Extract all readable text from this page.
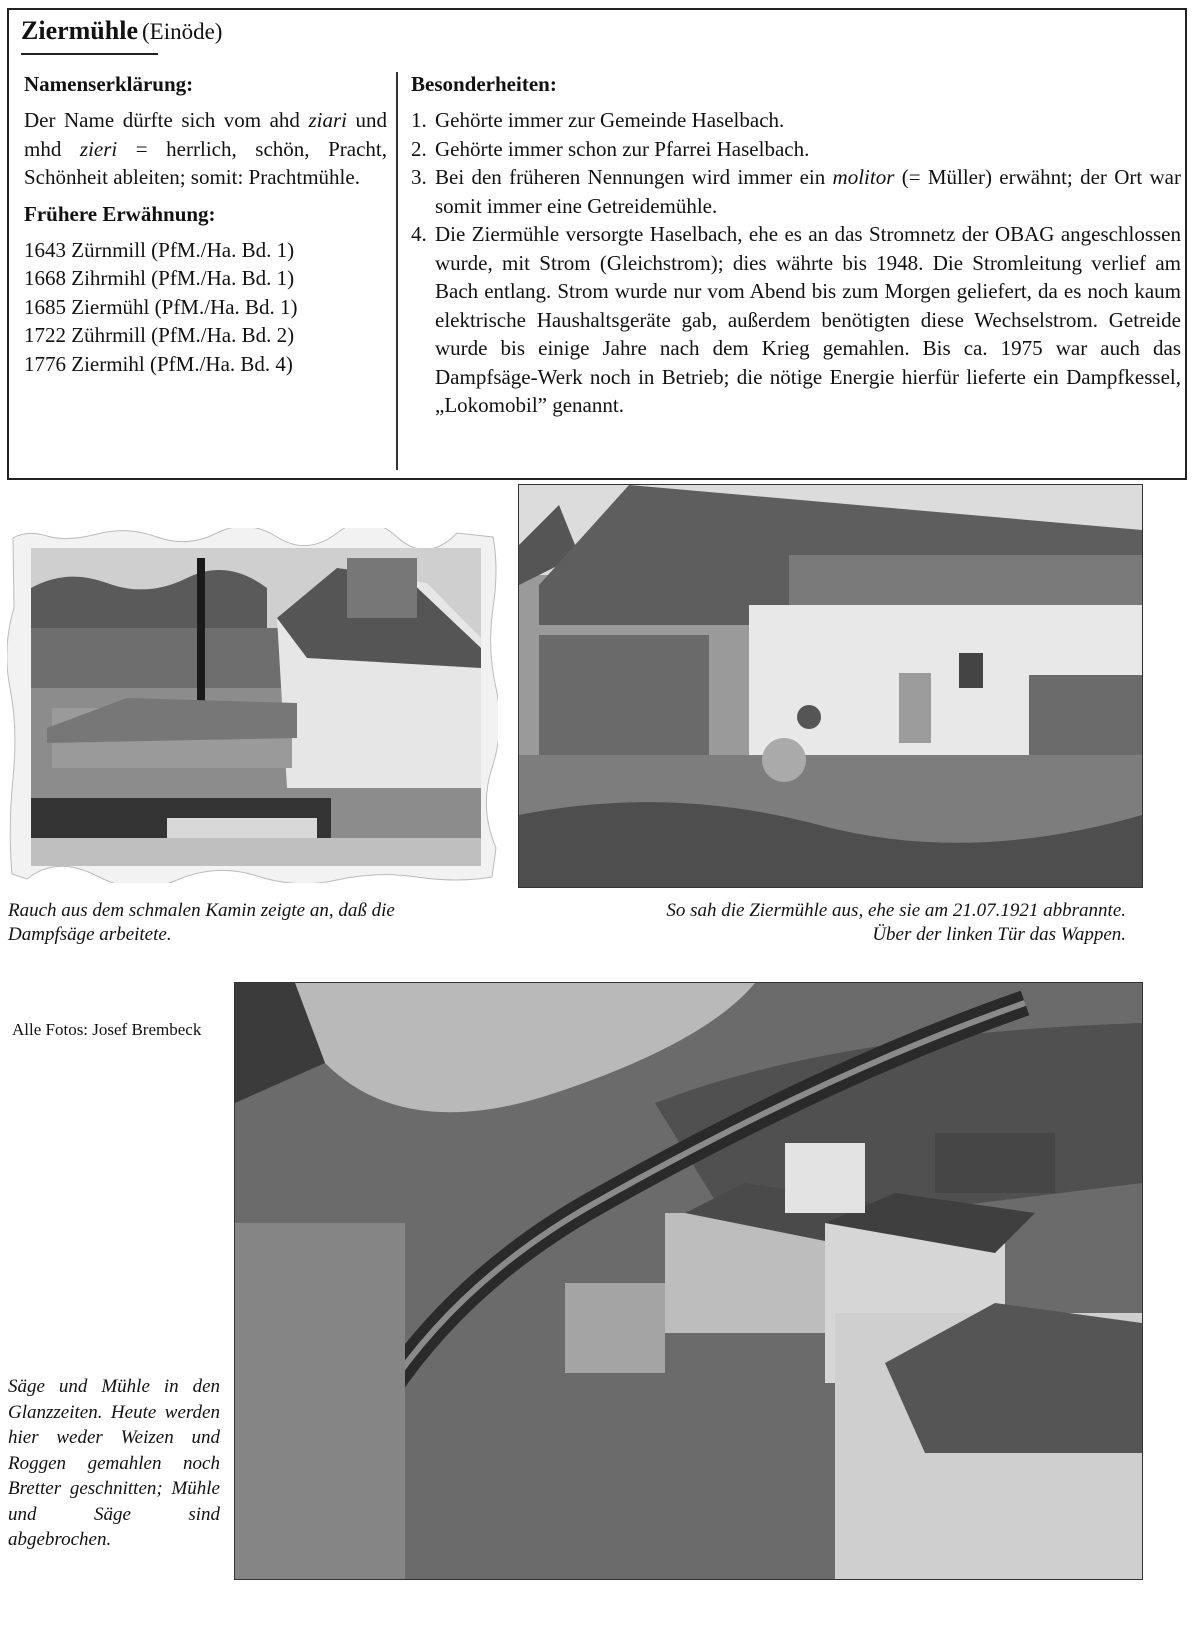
Ziermühle (Einöde)
Namenserklärung:

Der Name dürfte sich vom ahd ziari und mhd zieri = herrlich, schön, Pracht, Schönheit ableiten; somit: Prachtmühle.

Frühere Erwähnung:
1643 Zürnmill (PfM./Ha. Bd. 1)
1668 Zihrmihl (PfM./Ha. Bd. 1)
1685 Ziermühl (PfM./Ha. Bd. 1)
1722 Zührmill (PfM./Ha. Bd. 2)
1776 Ziermihl (PfM./Ha. Bd. 4)
Besonderheiten:
1. Gehörte immer zur Gemeinde Haselbach.
2. Gehörte immer schon zur Pfarrei Haselbach.
3. Bei den früheren Nennungen wird immer ein molitor (= Müller) erwähnt; der Ort war somit immer eine Getreidemühle.
4. Die Ziermühle versorgte Haselbach, ehe es an das Stromnetz der OBAG angeschlossen wurde, mit Strom (Gleichstrom); dies währte bis 1948. Die Stromleitung verlief am Bach entlang. Strom wurde nur vom Abend bis zum Morgen geliefert, da es noch kaum elektrische Haushaltsgeräte gab, außerdem benötigten diese Wechselstrom. Getreide wurde bis einige Jahre nach dem Krieg gemahlen. Bis ca. 1975 war auch das Dampfsäge-Werk noch in Betrieb; die nötige Energie hierfür lieferte ein Dampfkessel, „Lokomobil” genannt.
Rauch aus dem schmalen Kamin zeigte an, daß die Dampfsäge arbeitete.
So sah die Ziermühle aus, ehe sie am 21.07.1921 abbrannte.
Über der linken Tür das Wappen.
Alle Fotos: Josef Brembeck
Säge und Mühle in den Glanzzeiten. Heute werden hier weder Weizen und Roggen gemahlen noch Bretter geschnitten; Mühle und Säge sind abgebrochen.
